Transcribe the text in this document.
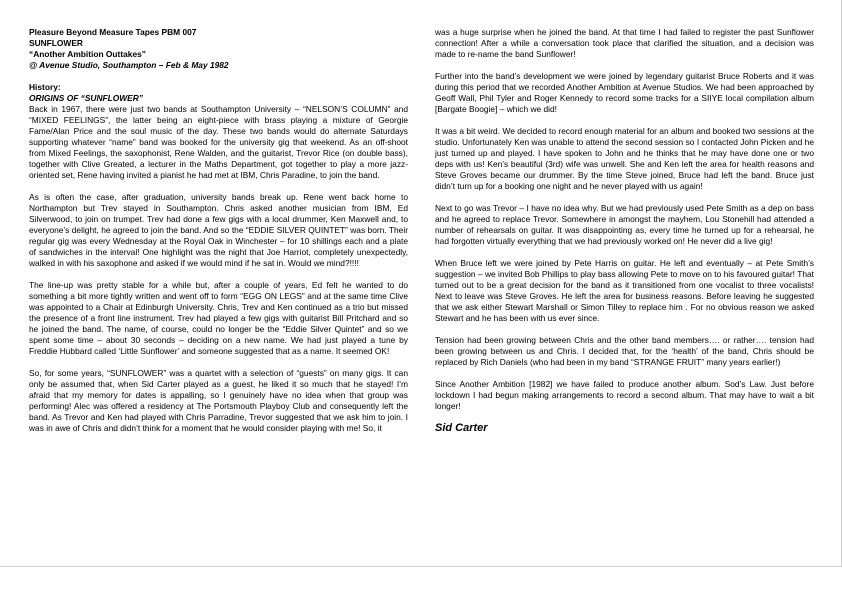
Pleasure Beyond Measure Tapes PBM 007
SUNFLOWER
“Another Ambition Outtakes”
@ Avenue Studio, Southampton – Feb & May 1982
History:
ORIGINS OF “SUNFLOWER”

Back in 1967, there were just two bands at Southampton University – “NELSON’S COLUMN” and “MIXED FEELINGS”, the latter being an eight-piece with brass playing a mixture of Georgie Fame/Alan Price and the soul music of the day. These two bands would do alternate Saturdays supporting whatever “name” band was booked for the university gig that weekend. As an off-shoot from Mixed Feelings, the saxophonist, Rene Walden, and the guitarist, Trevor Rice (on double bass), together with Clive Greated, a lecturer in the Maths Department, got together to play a more jazz-oriented set, Rene having invited a pianist he had met at IBM, Chris Paradine, to join the band.

As is often the case, after graduation, university bands break up. Rene went back home to Northampton but Trev stayed in Southampton. Chris asked another musician from IBM, Ed Silverwood, to join on trumpet. Trev had done a few gigs with a local drummer, Ken Maxwell and, to everyone’s delight, he agreed to join the band. And so the “EDDIE SILVER QUINTET” was born. Their regular gig was every Wednesday at the Royal Oak in Winchester – for 10 shillings each and a plate of sandwiches in the interval! One highlight was the night that Joe Harriot, completely unexpectedly, walked in with his saxophone and asked if we would mind if he sat in. Would we mind?!!!!

The line-up was pretty stable for a while but, after a couple of years, Ed felt he wanted to do something a bit more tightly written and went off to form “EGG ON LEGS” and at the same time Clive was appointed to a Chair at Edinburgh University. Chris, Trev and Ken continued as a trio but missed the presence of a front line instrument. Trev had played a few gigs with guitarist Bill Pritchard and so he joined the band. The name, of course, could no longer be the “Eddie Silver Quintet” and so we spent some time – about 30 seconds – deciding on a new name. We had just played a tune by Freddie Hubbard called ‘Little Sunflower’ and someone suggested that as a name. It seemed OK!

So, for some years, “SUNFLOWER” was a quartet with a selection of “guests” on many gigs. It can only be assumed that, when Sid Carter played as a guest, he liked it so much that he stayed! I’m afraid that my memory for dates is appalling, so I genuinely have no idea when that group was performing! Alec was offered a residency at The Portsmouth Playboy Club and consequently left the band. As Trevor and Ken had played with Chris Parradine, Trevor suggested that we ask him to join. I was in awe of Chris and didn’t think for a moment that he would consider playing with me! So, it

was a huge surprise when he joined the band. At that time I had failed to register the past Sunflower connection! After a while a conversation took place that clarified the situation, and a decision was made to re-name the band Sunflower!

Further into the band’s development we were joined by legendary guitarist Bruce Roberts and it was during this period that we recorded Another Ambition at Avenue Studios. We had been approached by Geoff Wall, Phil Tyler and Roger Kennedy to record some tracks for a SIIYE local compilation album [Bargate Boogie] – which we did!

It was a bit weird. We decided to record enough material for an album and booked two sessions at the studio. Unfortunately Ken was unable to attend the second session so I contacted John Picken and he just turned up and played. I have spoken to John and he thinks that he may have done one or two deps with us! Ken’s beautiful (3rd) wife was unwell. She and Ken left the area for health reasons and Steve Groves became our drummer. By the time Steve joined, Bruce had left the band. Bruce just didn’t turn up for a booking one night and he never played with us again!

Next to go was Trevor – I have no idea why. But we had previously used Pete Smith as a dep on bass and he agreed to replace Trevor. Somewhere in amongst the mayhem, Lou Stonehill had attended a number of rehearsals on guitar. It was disappointing as, every time he turned up for a rehearsal, he had forgotten virtually everything that we had previously worked on! He never did a live gig!

When Bruce left we were joined by Pete Harris on guitar. He left and eventually – at Pete Smith’s suggestion – we invited Bob Phillips to play bass allowing Pete to move on to his favoured guitar! That turned out to be a great decision for the band as it transitioned from one vocalist to three vocalists! Next to leave was Steve Groves. He left the area for business reasons. Before leaving he suggested that we ask either Stewart Marshall or Simon Tilley to replace him . For no obvious reason we asked Stewart and he has been with us ever since.

Tension had been growing between Chris and the other band members…. or rather…. tension had been growing between us and Chris. I decided that, for the ‘health’ of the band, Chris should be replaced by Rich Daniels (who had been in my band “STRANGE FRUIT” many years earlier!)

Since Another Ambition [1982] we have failed to produce another album. Sod’s Law. Just before lockdown I had begun making arrangements to record a second album. That may have to wait a bit longer!

Sid Carter
